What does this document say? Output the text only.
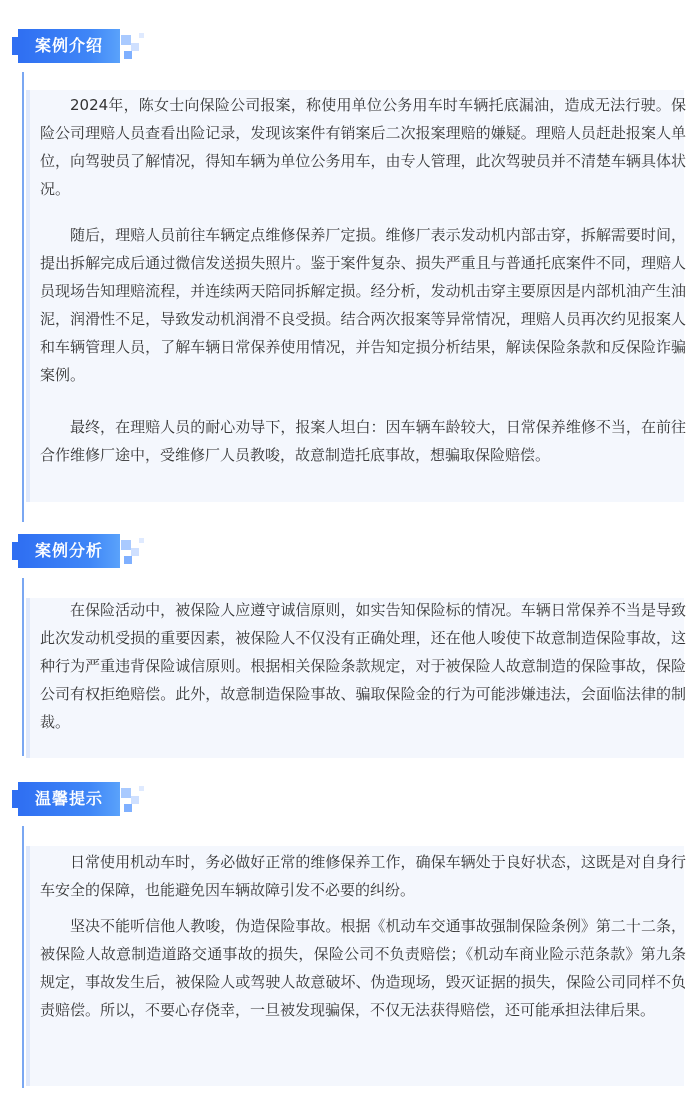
案例介绍

2024年，陈女士向保险公司报案，称使用单位公务用车时车辆托底漏油，造成无法行驶。保险公司理赔人员查看出险记录，发现该案件有销案后二次报案理赔的嫌疑。理赔人员赶赴报案人单位，向驾驶员了解情况，得知车辆为单位公务用车，由专人管理，此次驾驶员并不清楚车辆具体状况。

随后，理赔人员前往车辆定点维修保养厂定损。维修厂表示发动机内部击穿，拆解需要时间，提出拆解完成后通过微信发送损失照片。鉴于案件复杂、损失严重且与普通托底案件不同，理赔人员现场告知理赔流程，并连续两天陪同拆解定损。经分析，发动机击穿主要原因是内部机油产生油泥，润滑性不足，导致发动机润滑不良受损。结合两次报案等异常情况，理赔人员再次约见报案人和车辆管理人员，了解车辆日常保养使用情况，并告知定损分析结果，解读保险条款和反保险诈骗案例。

最终，在理赔人员的耐心劝导下，报案人坦白：因车辆车龄较大，日常保养维修不当，在前往合作维修厂途中，受维修厂人员教唆，故意制造托底事故，想骗取保险赔偿。

案例分析

在保险活动中，被保险人应遵守诚信原则，如实告知保险标的情况。车辆日常保养不当是导致此次发动机受损的重要因素，被保险人不仅没有正确处理，还在他人唆使下故意制造保险事故，这种行为严重违背保险诚信原则。根据相关保险条款规定，对于被保险人故意制造的保险事故，保险公司有权拒绝赔偿。此外，故意制造保险事故、骗取保险金的行为可能涉嫌违法，会面临法律的制裁。

温馨提示

日常使用机动车时，务必做好正常的维修保养工作，确保车辆处于良好状态，这既是对自身行车安全的保障，也能避免因车辆故障引发不必要的纠纷。

坚决不能听信他人教唆，伪造保险事故。根据《机动车交通事故强制保险条例》第二十二条，被保险人故意制造道路交通事故的损失，保险公司不负责赔偿；《机动车商业险示范条款》第九条规定，事故发生后，被保险人或驾驶人故意破坏、伪造现场，毁灭证据的损失，保险公司同样不负责赔偿。所以，不要心存侥幸，一旦被发现骗保，不仅无法获得赔偿，还可能承担法律后果。
